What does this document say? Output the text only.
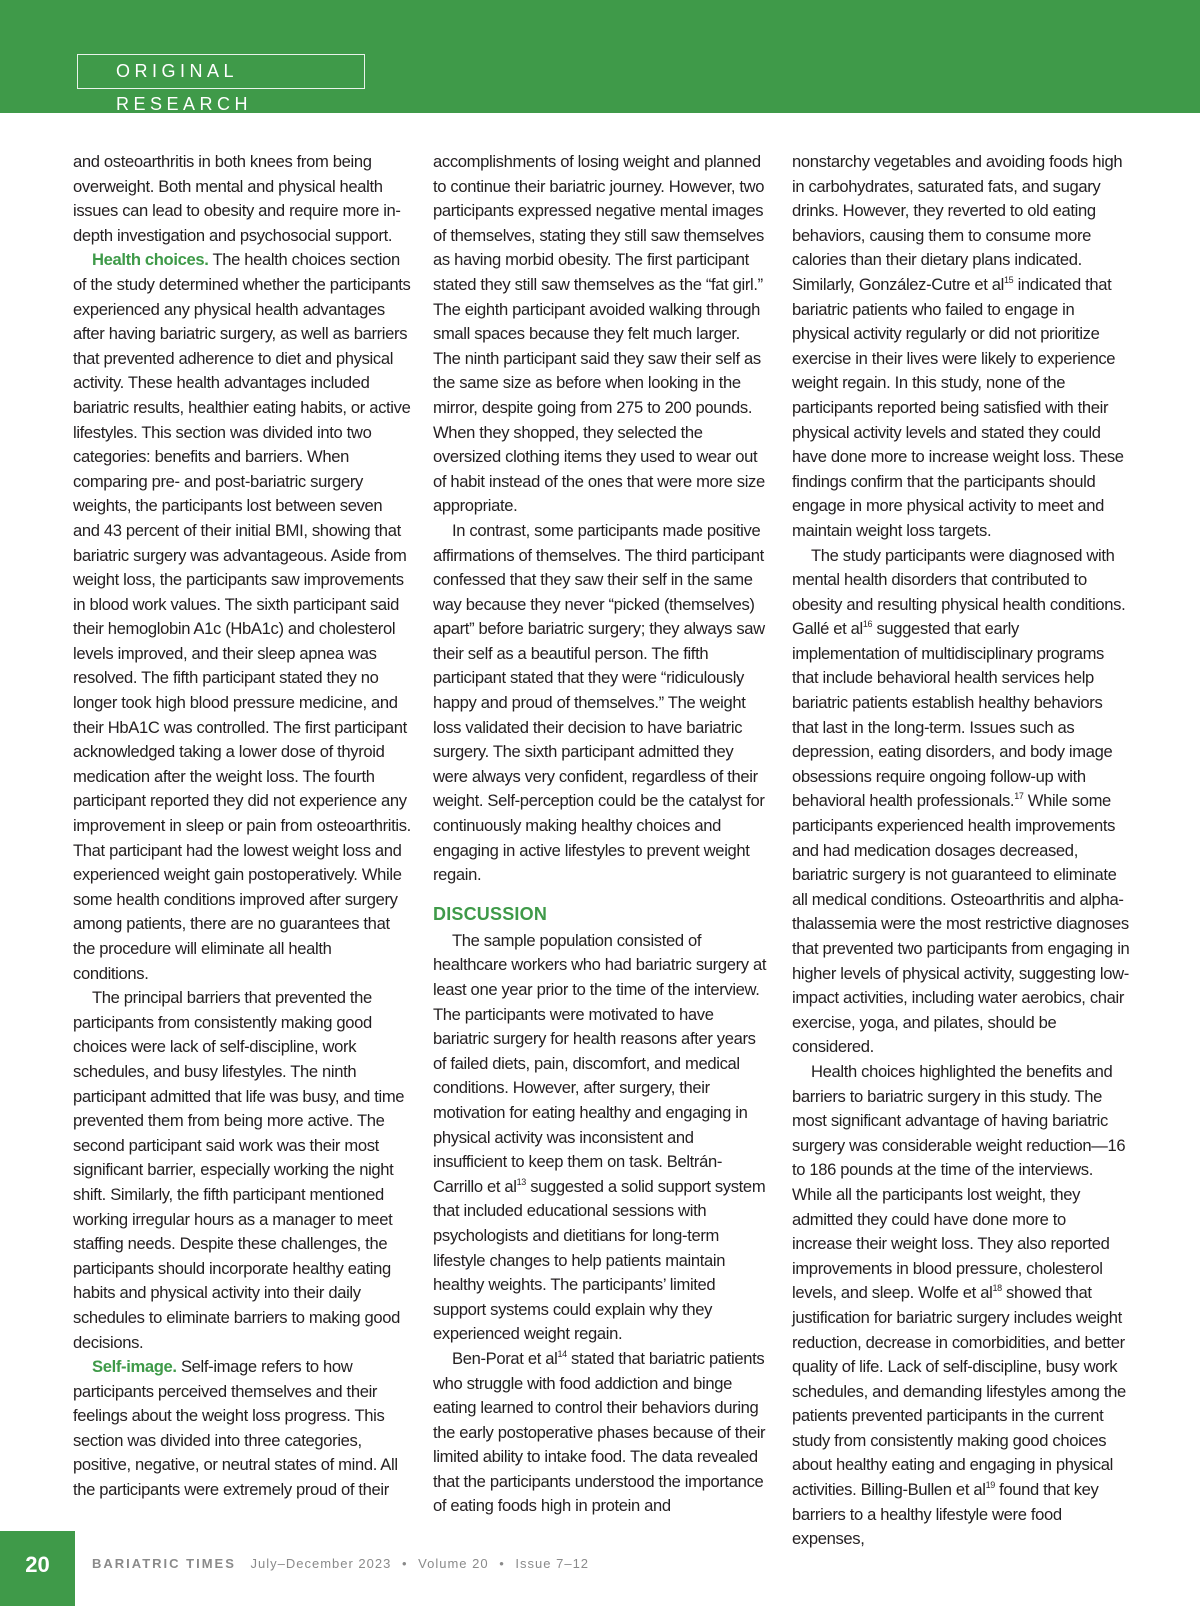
ORIGINAL RESEARCH

and osteoarthritis in both knees from being overweight. Both mental and physical health issues can lead to obesity and require more in-depth investigation and psychosocial support.

Health choices. The health choices section of the study determined whether the participants experienced any physical health advantages after having bariatric surgery, as well as barriers that prevented adherence to diet and physical activity. These health advantages included bariatric results, healthier eating habits, or active lifestyles. This section was divided into two categories: benefits and barriers. When comparing pre- and post-bariatric surgery weights, the participants lost between seven and 43 percent of their initial BMI, showing that bariatric surgery was advantageous. Aside from weight loss, the participants saw improvements in blood work values. The sixth participant said their hemoglobin A1c (HbA1c) and cholesterol levels improved, and their sleep apnea was resolved. The fifth participant stated they no longer took high blood pressure medicine, and their HbA1C was controlled. The first participant acknowledged taking a lower dose of thyroid medication after the weight loss. The fourth participant reported they did not experience any improvement in sleep or pain from osteoarthritis. That participant had the lowest weight loss and experienced weight gain postoperatively. While some health conditions improved after surgery among patients, there are no guarantees that the procedure will eliminate all health conditions.

The principal barriers that prevented the participants from consistently making good choices were lack of self-discipline, work schedules, and busy lifestyles. The ninth participant admitted that life was busy, and time prevented them from being more active. The second participant said work was their most significant barrier, especially working the night shift. Similarly, the fifth participant mentioned working irregular hours as a manager to meet staffing needs. Despite these challenges, the participants should incorporate healthy eating habits and physical activity into their daily schedules to eliminate barriers to making good decisions.

Self-image. Self-image refers to how participants perceived themselves and their feelings about the weight loss progress. This section was divided into three categories, positive, negative, or neutral states of mind. All the participants were extremely proud of their

accomplishments of losing weight and planned to continue their bariatric journey. However, two participants expressed negative mental images of themselves, stating they still saw themselves as having morbid obesity. The first participant stated they still saw themselves as the “fat girl.” The eighth participant avoided walking through small spaces because they felt much larger. The ninth participant said they saw their self as the same size as before when looking in the mirror, despite going from 275 to 200 pounds. When they shopped, they selected the oversized clothing items they used to wear out of habit instead of the ones that were more size appropriate.

In contrast, some participants made positive affirmations of themselves. The third participant confessed that they saw their self in the same way because they never “picked (themselves) apart” before bariatric surgery; they always saw their self as a beautiful person. The fifth participant stated that they were “ridiculously happy and proud of themselves.” The weight loss validated their decision to have bariatric surgery. The sixth participant admitted they were always very confident, regardless of their weight. Self-perception could be the catalyst for continuously making healthy choices and engaging in active lifestyles to prevent weight regain.

DISCUSSION

The sample population consisted of healthcare workers who had bariatric surgery at least one year prior to the time of the interview. The participants were motivated to have bariatric surgery for health reasons after years of failed diets, pain, discomfort, and medical conditions. However, after surgery, their motivation for eating healthy and engaging in physical activity was inconsistent and insufficient to keep them on task. Beltrán-Carrillo et $al^{13}$ suggested a solid support system that included educational sessions with psychologists and dietitians for long-term lifestyle changes to help patients maintain healthy weights. The participants’ limited support systems could explain why they experienced weight regain.

Ben-Porat et $al^{14}$ stated that bariatric patients who struggle with food addiction and binge eating learned to control their behaviors during the early postoperative phases because of their limited ability to intake food. The data revealed that the participants understood the importance of eating foods high in protein and

nonstarchy vegetables and avoiding foods high in carbohydrates, saturated fats, and sugary drinks. However, they reverted to old eating behaviors, causing them to consume more calories than their dietary plans indicated. Similarly, González-Cutre et $al^{15}$ indicated that bariatric patients who failed to engage in physical activity regularly or did not prioritize exercise in their lives were likely to experience weight regain. In this study, none of the participants reported being satisfied with their physical activity levels and stated they could have done more to increase weight loss. These findings confirm that the participants should engage in more physical activity to meet and maintain weight loss targets.

The study participants were diagnosed with mental health disorders that contributed to obesity and resulting physical health conditions. Gallé et $al^{16}$ suggested that early implementation of multidisciplinary programs that include behavioral health services help bariatric patients establish healthy behaviors that last in the long-term. Issues such as depression, eating disorders, and body image obsessions require ongoing follow-up with behavioral health professionals.$^{17}$ While some participants experienced health improvements and had medication dosages decreased, bariatric surgery is not guaranteed to eliminate all medical conditions. Osteoarthritis and alpha-thalassemia were the most restrictive diagnoses that prevented two participants from engaging in higher levels of physical activity, suggesting low-impact activities, including water aerobics, chair exercise, yoga, and pilates, should be considered.

Health choices highlighted the benefits and barriers to bariatric surgery in this study. The most significant advantage of having bariatric surgery was considerable weight reduction—16 to 186 pounds at the time of the interviews. While all the participants lost weight, they admitted they could have done more to increase their weight loss. They also reported improvements in blood pressure, cholesterol levels, and sleep. Wolfe et $al^{18}$ showed that justification for bariatric surgery includes weight reduction, decrease in comorbidities, and better quality of life. Lack of self-discipline, busy work schedules, and demanding lifestyles among the patients prevented participants in the current study from consistently making good choices about healthy eating and engaging in physical activities. Billing-Bullen et $al^{19}$ found that key barriers to a healthy lifestyle were food expenses,

20	BARIATRIC TIMES July–December 2023 • Volume 20 • Issue 7–12
